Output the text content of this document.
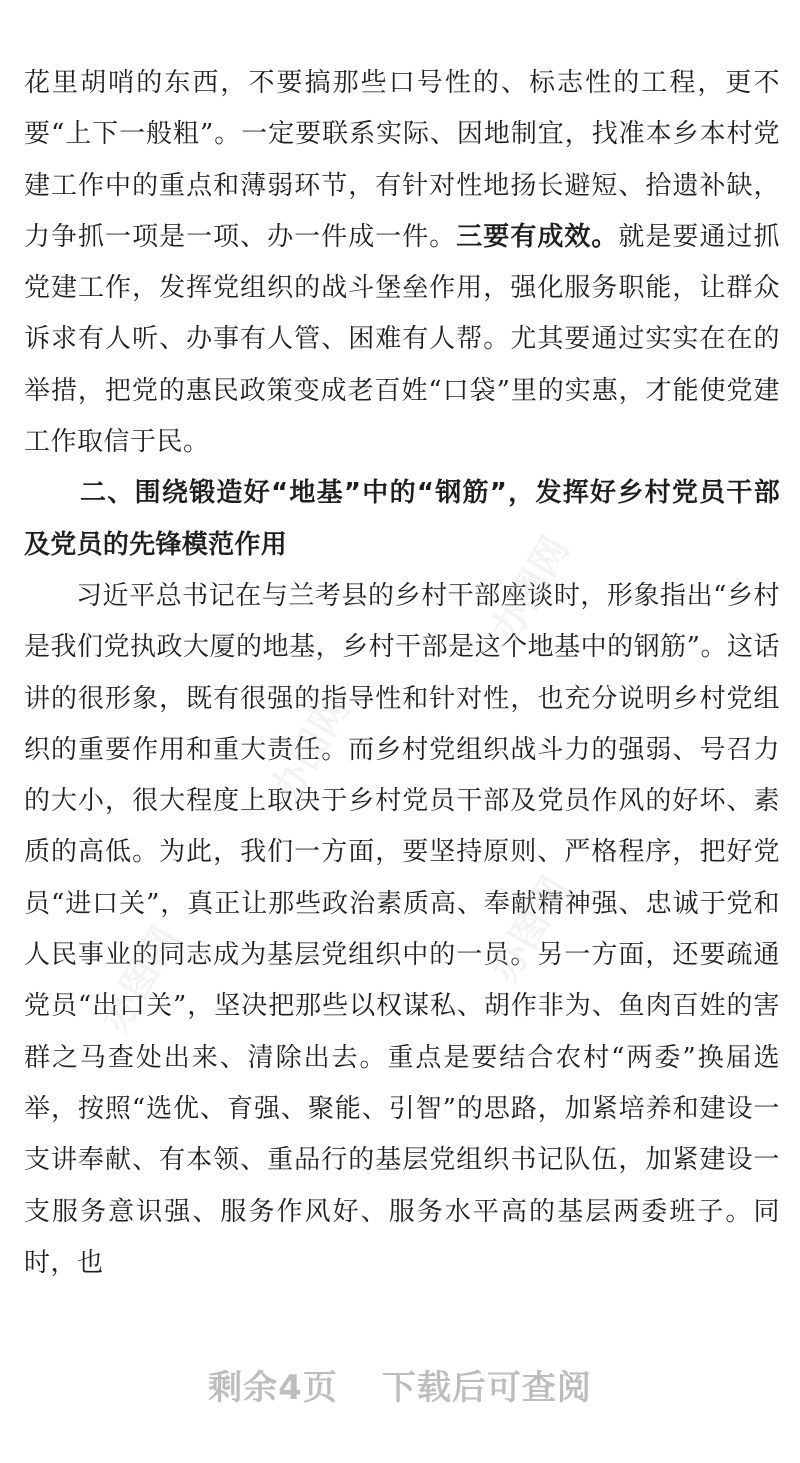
花里胡哨的东西，不要搞那些口号性的、标志性的工程，更不要“上下一般粗”。一定要联系实际、因地制宜，找准本乡本村党建工作中的重点和薄弱环节，有针对性地扬长避短、拾遗补缺，力争抓一项是一项、办一件成一件。三要有成效。就是要通过抓党建工作，发挥党组织的战斗堡垒作用，强化服务职能，让群众诉求有人听、办事有人管、困难有人帮。尤其要通过实实在在的举措，把党的惠民政策变成老百姓“口袋”里的实惠，才能使党建工作取信于民。

二、围绕锻造好“地基”中的“钢筋”，发挥好乡村党员干部及党员的先锋模范作用

习近平总书记在与兰考县的乡村干部座谈时，形象指出“乡村是我们党执政大厦的地基，乡村干部是这个地基中的钢筋”。这话讲的很形象，既有很强的指导性和针对性，也充分说明乡村党组织的重要作用和重大责任。而乡村党组织战斗力的强弱、号召力的大小，很大程度上取决于乡村党员干部及党员作风的好坏、素质的高低。为此，我们一方面，要坚持原则、严格程序，把好党员“进口关”，真正让那些政治素质高、奉献精神强、忠诚于党和人民事业的同志成为基层党组织中的一员。另一方面，还要疏通党员“出口关”，坚决把那些以权谋私、胡作非为、鱼肉百姓的害群之马查处出来、清除出去。重点是要结合农村“两委”换届选举，按照“选优、育强、聚能、引智”的思路，加紧培养和建设一支讲奉献、有本领、重品行的基层党组织书记队伍，加紧建设一支服务意识强、服务作风好、服务水平高的基层两委班子。同时，也

办图网
办图网
办图网
办图网
剩余4页 下载后可查阅
